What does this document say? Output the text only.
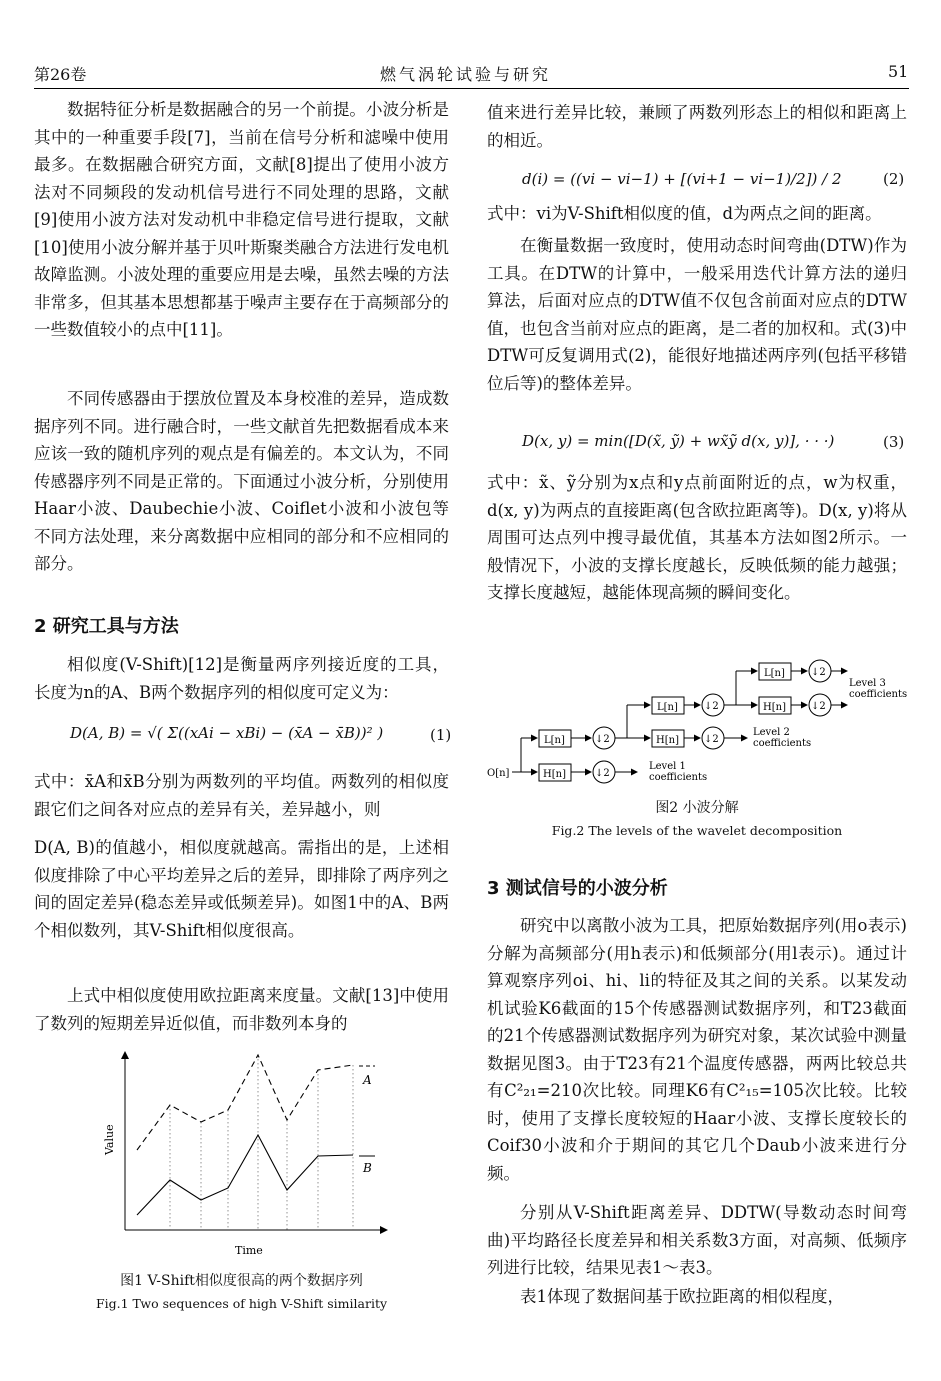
第26卷	燃气涡轮试验与研究	51

数据特征分析是数据融合的另一个前提。小波分析是其中的一种重要手段[7]，当前在信号分析和滤噪中使用最多。在数据融合研究方面，文献[8]提出了使用小波方法对不同频段的发动机信号进行不同处理的思路，文献[9]使用小波方法对发动机中非稳定信号进行提取，文献[10]使用小波分解并基于贝叶斯聚类融合方法进行发电机故障监测。小波处理的重要应用是去噪，虽然去噪的方法非常多，但其基本思想都基于噪声主要存在于高频部分的一些数值较小的点中[11]。

不同传感器由于摆放位置及本身校准的差异，造成数据序列不同。进行融合时，一些文献首先把数据看成本来应该一致的随机序列的观点是有偏差的。本文认为，不同传感器序列不同是正常的。下面通过小波分析，分别使用Haar小波、Daubechie小波、Coiflet小波和小波包等不同方法处理，来分离数据中应相同的部分和不应相同的部分。

2 研究工具与方法

相似度(V-Shift)[12]是衡量两序列接近度的工具，长度为n的A、B两个数据序列的相似度可定义为：

D(A, B) = √( Σ((xAi − xBi) − (x̄A − x̄B))² )	(1)

式中：x̄A和x̄B分别为两数列的平均值。两数列的相似度跟它们之间各对应点的差异有关，差异越小，则

D(A, B)的值越小，相似度就越高。需指出的是，上述相似度排除了中心平均差异之后的差异，即排除了两序列之间的固定差异(稳态差异或低频差异)。如图1中的A、B两个相似数列，其V-Shift相似度很高。

上式中相似度使用欧拉距离来度量。文献[13]中使用了数列的短期差异近似值，而非数列本身的

A
B
Time
Value
图1 V-Shift相似度很高的两个数据序列
Fig.1 Two sequences of high V-Shift similarity

值来进行差异比较，兼顾了两数列形态上的相似和距离上的相近。

d(i) = ((vi − vi−1) + [(vi+1 − vi−1)/2]) / 2	(2)

式中：vi为V-Shift相似度的值，d为两点之间的距离。

在衡量数据一致度时，使用动态时间弯曲(DTW)作为工具。在DTW的计算中，一般采用迭代计算方法的递归算法，后面对应点的DTW值不仅包含前面对应点的DTW值，也包含当前对应点的距离，是二者的加权和。式(3)中DTW可反复调用式(2)，能很好地描述两序列(包括平移错位后等)的整体差异。

D(x, y) = min([D(x̃, ỹ) + wx̃ỹ d(x, y)], · · ·)	(3)

式中：x̃、ỹ分别为x点和y点前面附近的点，w为权重，d(x, y)为两点的直接距离(包含欧拉距离等)。D(x, y)将从周围可达点列中搜寻最优值，其基本方法如图2所示。一般情况下，小波的支撑长度越长，反映低频的能力越强；支撑长度越短，越能体现高频的瞬间变化。

O[n]
L[n]
H[n]
↓2
↓2
L[n]
H[n]
↓2
↓2
L[n]
H[n]
↓2
↓2
Level 1
coefficients
Level 2
coefficients
Level 3
coefficients
图2 小波分解
Fig.2 The levels of the wavelet decomposition
3 测试信号的小波分析

研究中以离散小波为工具，把原始数据序列(用o表示)分解为高频部分(用h表示)和低频部分(用l表示)。通过计算观察序列oi、hi、li的特征及其之间的关系。以某发动机试验K6截面的15个传感器测试数据序列，和T23截面的21个传感器测试数据序列为研究对象，某次试验中测量数据见图3。由于T23有21个温度传感器，两两比较总共有C²₂₁=210次比较。同理K6有C²₁₅=105次比较。比较时，使用了支撑长度较短的Haar小波、支撑长度较长的Coif30小波和介于期间的其它几个Daub小波来进行分频。

分别从V-Shift距离差异、DDTW(导数动态时间弯曲)平均路径长度差异和相关系数3方面，对高频、低频序列进行比较，结果见表1～表3。

表1体现了数据间基于欧拉距离的相似程度，
